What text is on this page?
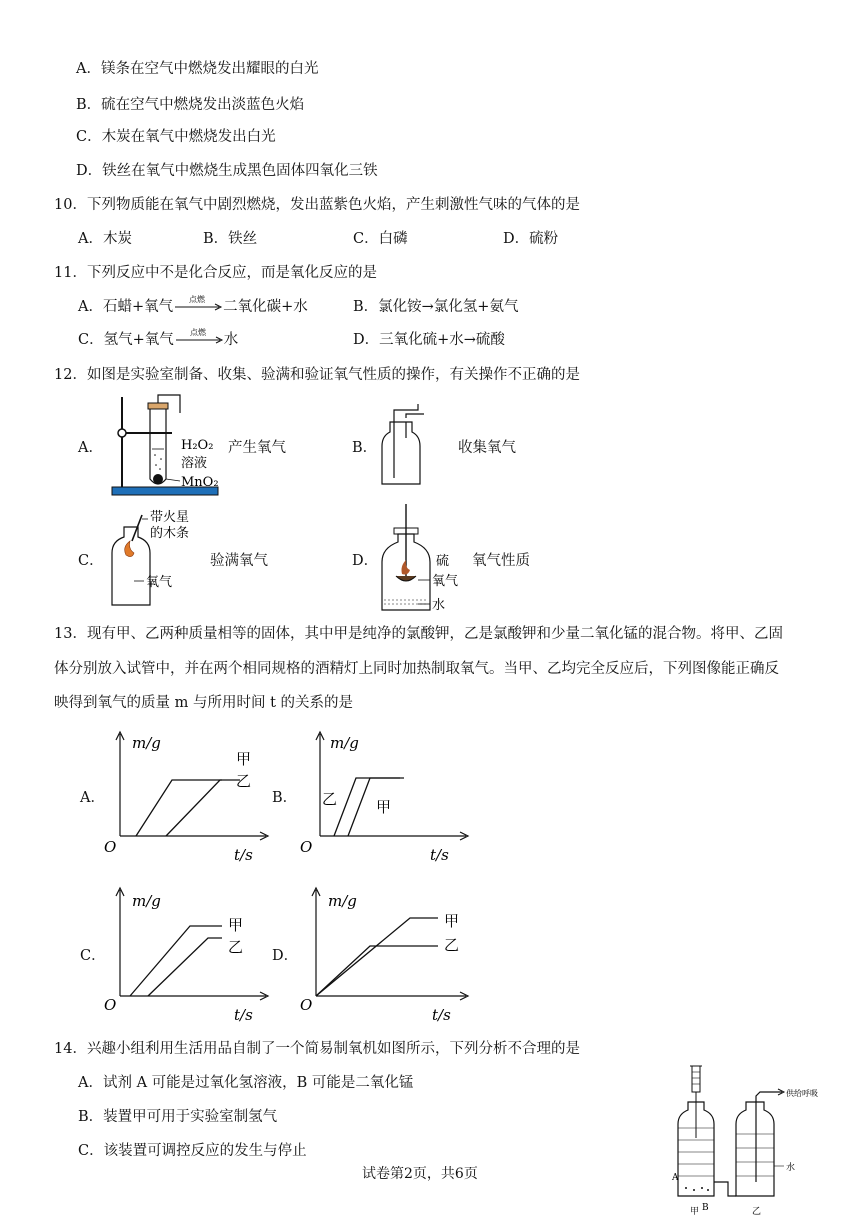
A．镁条在空气中燃烧发出耀眼的白光
B．硫在空气中燃烧发出淡蓝色火焰
C．木炭在氧气中燃烧发出白光
D．铁丝在氧气中燃烧生成黑色固体四氧化三铁
10．下列物质能在氧气中剧烈燃烧，发出蓝紫色火焰，产生刺激性气味的气体的是
A．木炭	B．铁丝	C．白磷	D．硫粉
11．下列反应中不是化合反应，而是氧化反应的是
A．石蜡+氧气 点燃 二氧化碳+水	B．氯化铵→氯化氢+氨气
C．氢气+氧气 点燃 水	D．三氧化硫+水→硫酸
12．如图是实验室制备、收集、验满和验证氧气性质的操作，有关操作不正确的是
A．	H₂O₂
溶液
MnO₂
产生氧气	B．	收集氧气
C．
带火星
的木条
氧气
验满氧气	D．	硫
氧气
水
氧气性质
13．现有甲、乙两种质量相等的固体，其中甲是纯净的氯酸钾，乙是氯酸钾和少量二氧化锰的混合物。将甲、乙固
体分别放入试管中，并在两个相同规格的酒精灯上同时加热制取氧气。当甲、乙均完全反应后，下列图像能正确反
映得到氧气的质量 m 与所用时间 t 的关系的是
A．	B．
C．	D．
m/g
t/s
O
甲
乙
m/g
t/s
O
乙	甲
m/g
t/s
O
甲
乙
m/g
t/s
O
甲
乙
14．兴趣小组利用生活用品自制了一个简易制氧机如图所示，下列分析不合理的是
A．试剂 A 可能是过氧化氢溶液，B 可能是二氧化锰
B．装置甲可用于实验室制氢气
C．该装置可调控反应的发生与停止
供给呼吸
水
A
B
甲	乙
试卷第2页，共6页
